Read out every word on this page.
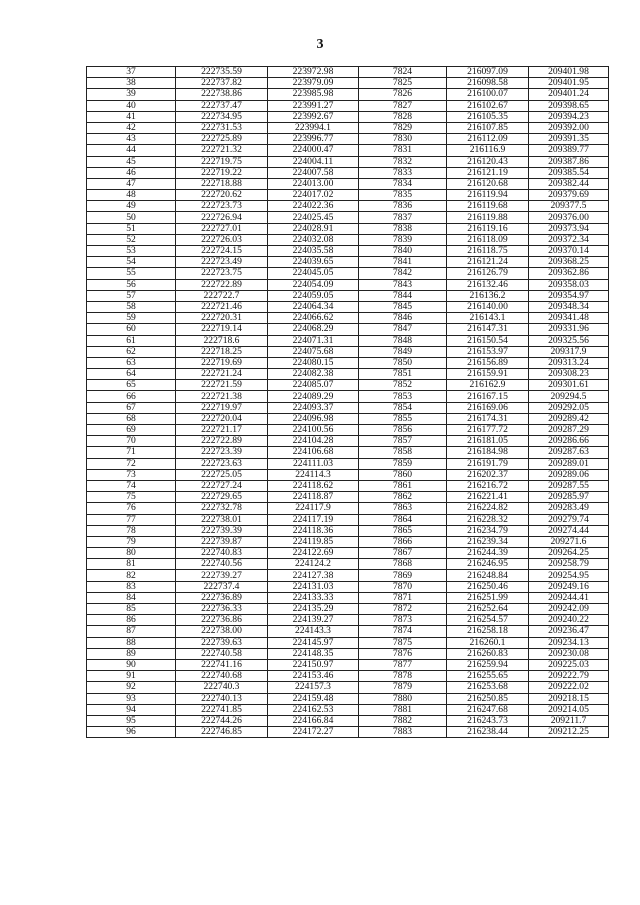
3
37	222735.59	223972.98	7824	216097.09	209401.98
38	222737.82	223979.09	7825	216098.58	209401.95
39	222738.86	223985.98	7826	216100.07	209401.24
40	222737.47	223991.27	7827	216102.67	209398.65
41	222734.95	223992.67	7828	216105.35	209394.23
42	222731.53	223994.1	7829	216107.85	209392.00
43	222725.89	223996.77	7830	216112.09	209391.35
44	222721.32	224000.47	7831	216116.9	209389.77
45	222719.75	224004.11	7832	216120.43	209387.86
46	222719.22	224007.58	7833	216121.19	209385.54
47	222718.88	224013.00	7834	216120.68	209382.44
48	222720.62	224017.02	7835	216119.94	209379.69
49	222723.73	224022.36	7836	216119.68	209377.5
50	222726.94	224025.45	7837	216119.88	209376.00
51	222727.01	224028.91	7838	216119.16	209373.94
52	222726.03	224032.08	7839	216118.09	209372.34
53	222724.15	224035.58	7840	216118.75	209370.14
54	222723.49	224039.65	7841	216121.24	209368.25
55	222723.75	224045.05	7842	216126.79	209362.86
56	222722.89	224054.09	7843	216132.46	209358.03
57	222722.7	224059.05	7844	216136.2	209354.97
58	222721.46	224064.34	7845	216140.00	209348.34
59	222720.31	224066.62	7846	216143.1	209341.48
60	222719.14	224068.29	7847	216147.31	209331.96
61	222718.6	224071.31	7848	216150.54	209325.56
62	222718.25	224075.68	7849	216153.97	209317.9
63	222719.69	224080.15	7850	216156.89	209313.24
64	222721.24	224082.38	7851	216159.91	209308.23
65	222721.59	224085.07	7852	216162.9	209301.61
66	222721.38	224089.29	7853	216167.15	209294.5
67	222719.97	224093.37	7854	216169.06	209292.05
68	222720.04	224096.98	7855	216174.31	209289.42
69	222721.17	224100.56	7856	216177.72	209287.29
70	222722.89	224104.28	7857	216181.05	209286.66
71	222723.39	224106.68	7858	216184.98	209287.63
72	222723.63	224111.03	7859	216191.79	209289.01
73	222725.05	224114.3	7860	216202.37	209289.06
74	222727.24	224118.62	7861	216216.72	209287.55
75	222729.65	224118.87	7862	216221.41	209285.97
76	222732.78	224117.9	7863	216224.82	209283.49
77	222738.01	224117.19	7864	216228.32	209279.74
78	222739.39	224118.36	7865	216234.79	209274.44
79	222739.87	224119.85	7866	216239.34	209271.6
80	222740.83	224122.69	7867	216244.39	209264.25
81	222740.56	224124.2	7868	216246.95	209258.79
82	222739.27	224127.38	7869	216248.84	209254.95
83	222737.4	224131.03	7870	216250.46	209249.16
84	222736.89	224133.33	7871	216251.99	209244.41
85	222736.33	224135.29	7872	216252.64	209242.09
86	222736.86	224139.27	7873	216254.57	209240.22
87	222738.00	224143.3	7874	216258.18	209236.47
88	222739.63	224145.97	7875	216260.1	209234.13
89	222740.58	224148.35	7876	216260.83	209230.08
90	222741.16	224150.97	7877	216259.94	209225.03
91	222740.68	224153.46	7878	216255.65	209222.79
92	222740.3	224157.3	7879	216253.68	209222.02
93	222740.13	224159.48	7880	216250.85	209218.15
94	222741.85	224162.53	7881	216247.68	209214.05
95	222744.26	224166.84	7882	216243.73	209211.7
96	222746.85	224172.27	7883	216238.44	209212.25
